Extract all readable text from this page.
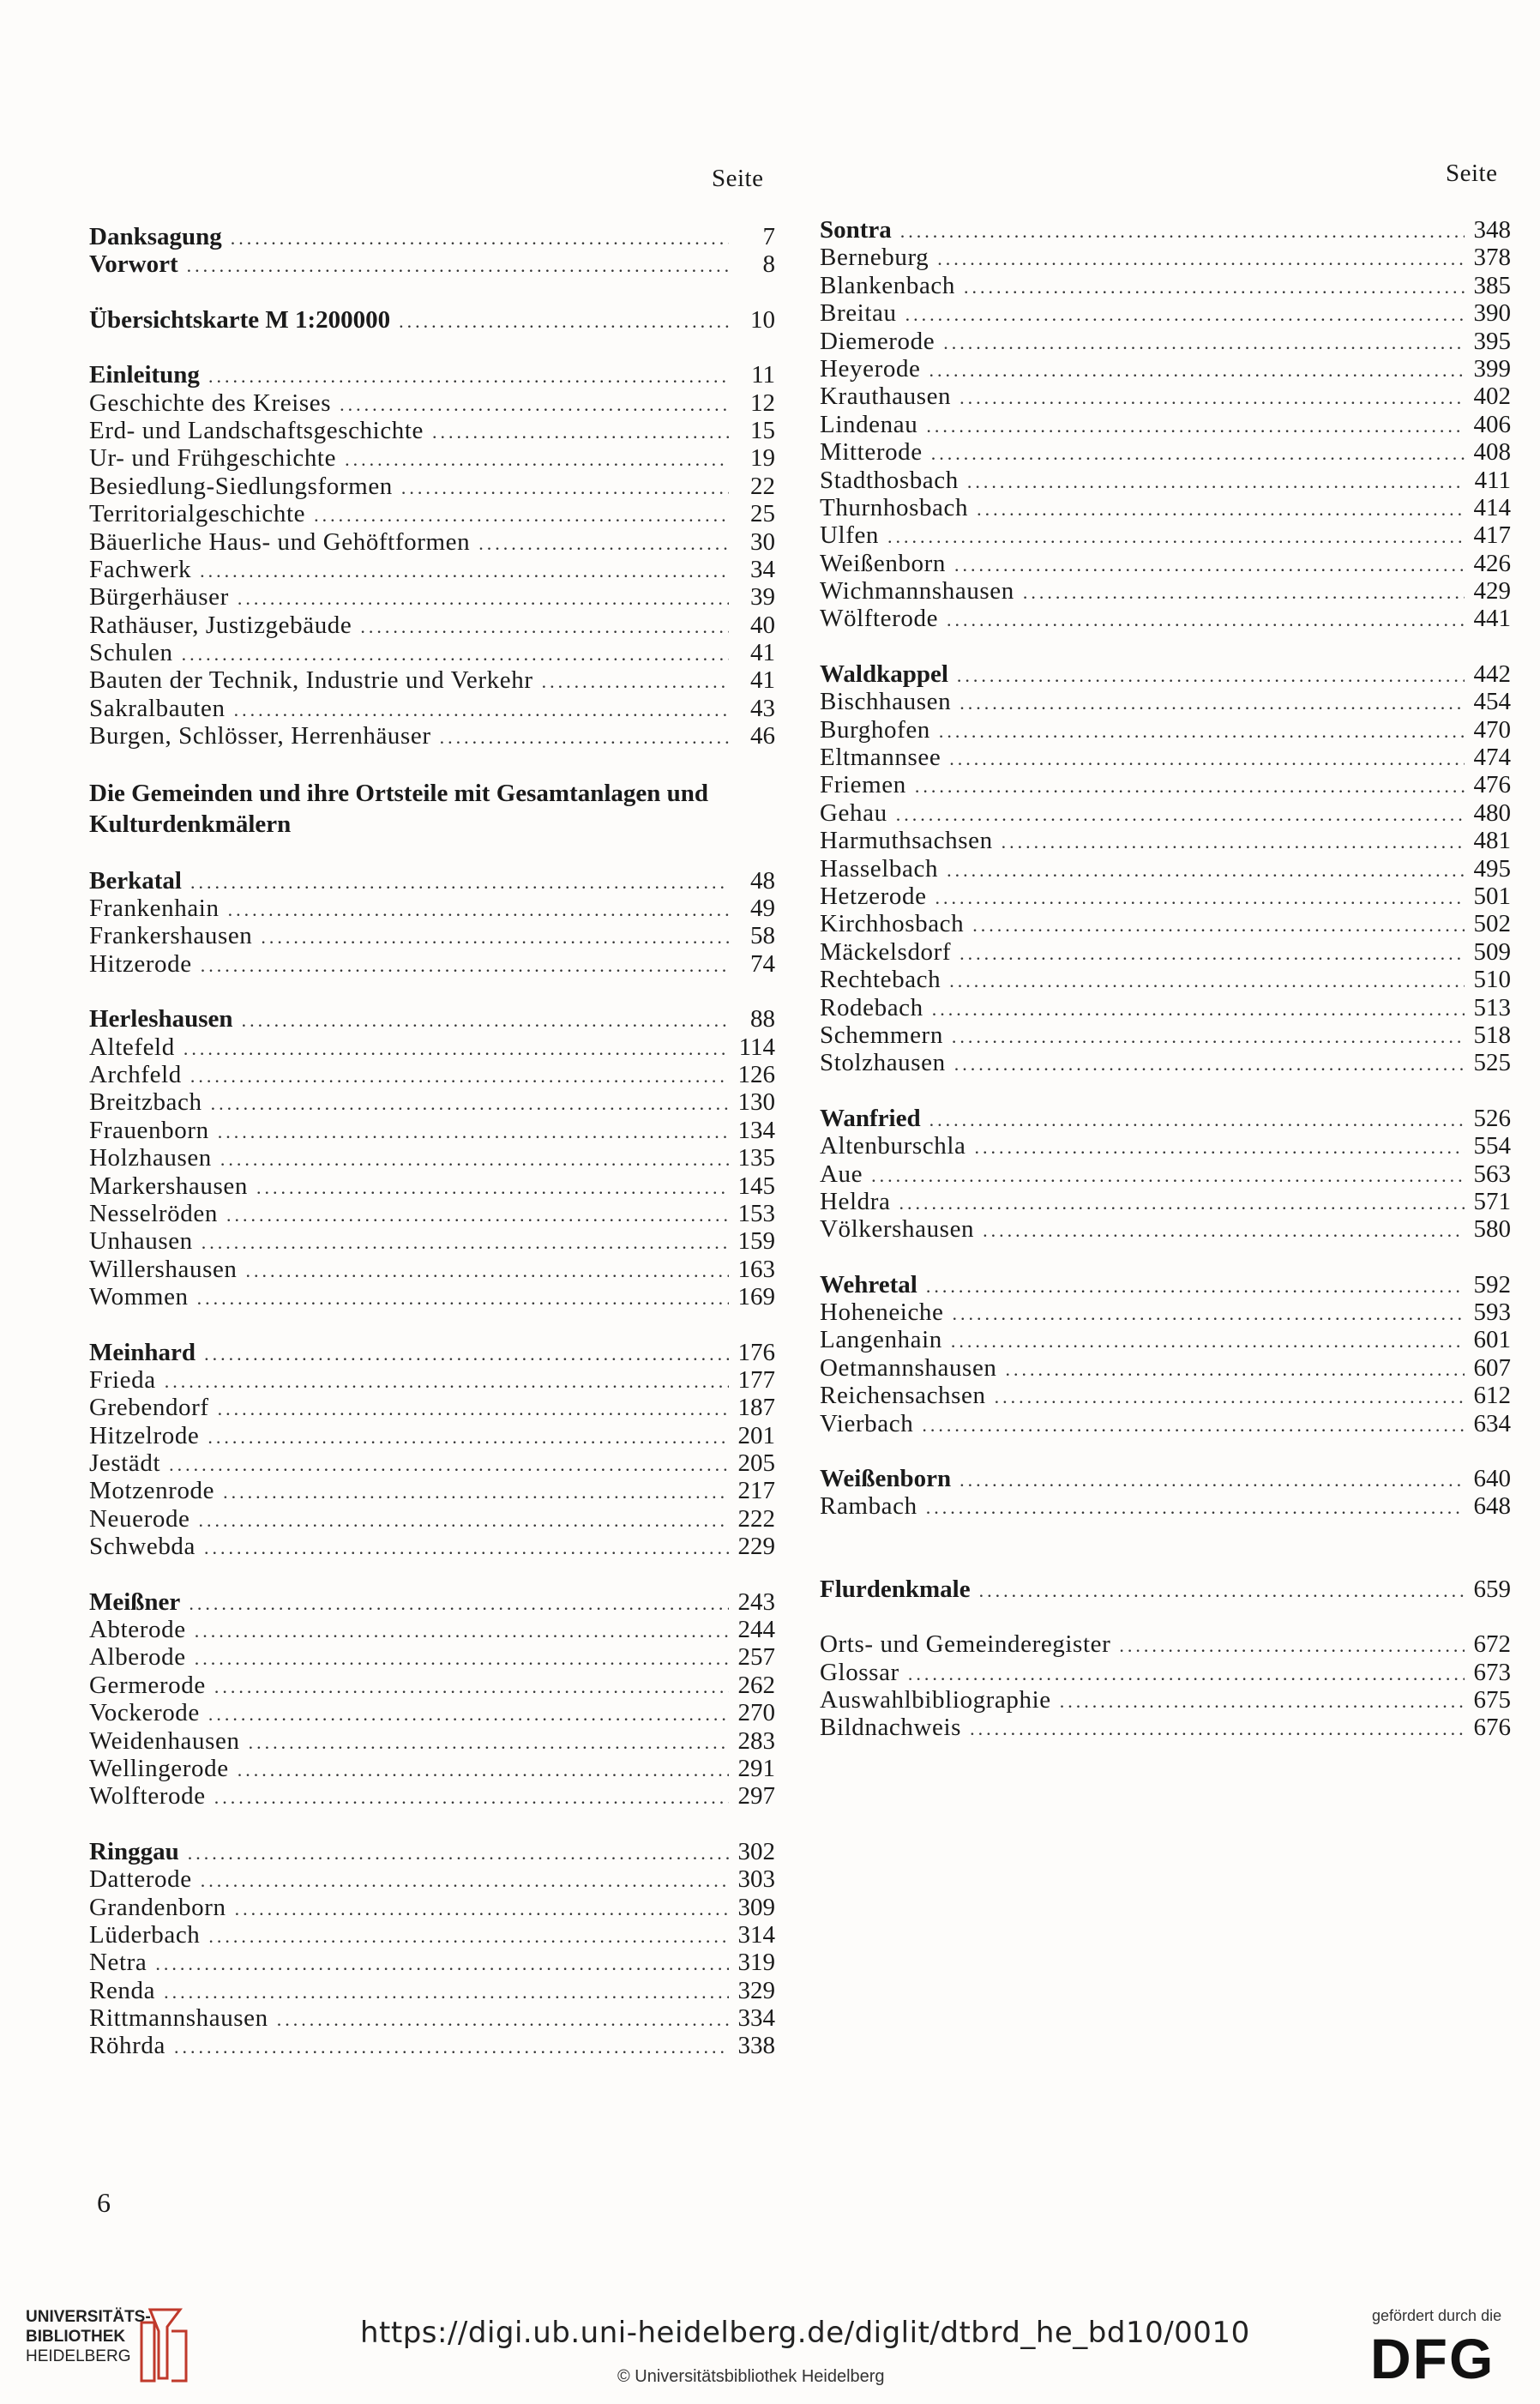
Seite
Danksagung .....	7
Vorwort .....	8
Übersichtskarte M 1:200000 .....	10
Einleitung .....	11
Geschichte des Kreises .....	12
Erd- und Landschaftsgeschichte .....	15
Ur- und Frühgeschichte .....	19
Besiedlung-Siedlungsformen .....	22
Territorialgeschichte .....	25
Bäuerliche Haus- und Gehöftformen .....	30
Fachwerk .....	34
Bürgerhäuser .....	39
Rathäuser, Justizgebäude .....	40
Schulen .....	41
Bauten der Technik, Industrie und Verkehr .....	41
Sakralbauten .....	43
Burgen, Schlösser, Herrenhäuser .....	46

Die Gemeinden und ihre Ortsteile mit Gesamtanlagen und Kulturdenkmälern

Berkatal .....	48
Frankenhain .....	49
Frankershausen .....	58
Hitzerode .....	74
Herleshausen .....	88
Altefeld .....	114
Archfeld .....	126
Breitzbach .....	130
Frauenborn .....	134
Holzhausen .....	135
Markershausen .....	145
Nesselröden .....	153
Unhausen .....	159
Willershausen .....	163
Wommen .....	169
Meinhard .....	176
Frieda .....	177
Grebendorf .....	187
Hitzelrode .....	201
Jestädt .....	205
Motzenrode .....	217
Neuerode .....	222
Schwebda .....	229
Meißner .....	243
Abterode .....	244
Alberode .....	257
Germerode .....	262
Vockerode .....	270
Weidenhausen .....	283
Wellingerode .....	291
Wolfterode .....	297
Ringgau .....	302
Datterode .....	303
Grandenborn .....	309
Lüderbach .....	314
Netra .....	319
Renda .....	329
Rittmannshausen .....	334
Röhrda .....	338
Seite
Sontra .....	348
Berneburg .....	378
Blankenbach .....	385
Breitau .....	390
Diemerode .....	395
Heyerode .....	399
Krauthausen .....	402
Lindenau .....	406
Mitterode .....	408
Stadthosbach .....	411
Thurnhosbach .....	414
Ulfen .....	417
Weißenborn .....	426
Wichmannshausen .....	429
Wölfterode .....	441
Waldkappel .....	442
Bischhausen .....	454
Burghofen .....	470
Eltmannsee .....	474
Friemen .....	476
Gehau .....	480
Harmuthsachsen .....	481
Hasselbach .....	495
Hetzerode .....	501
Kirchhosbach .....	502
Mäckelsdorf .....	509
Rechtebach .....	510
Rodebach .....	513
Schemmern .....	518
Stolzhausen .....	525
Wanfried .....	526
Altenburschla .....	554
Aue .....	563
Heldra .....	571
Völkershausen .....	580
Wehretal .....	592
Hoheneiche .....	593
Langenhain .....	601
Oetmannshausen .....	607
Reichensachsen .....	612
Vierbach .....	634
Weißenborn .....	640
Rambach .....	648
Flurdenkmale .....	659
Orts- und Gemeinderegister .....	672
Glossar .....	673
Auswahlbibliographie .....	675
Bildnachweis .....	676
6
UNIVERSITÄTS-
BIBLIOTHEK
HEIDELBERG
https://digi.ub.uni-heidelberg.de/diglit/dtbrd_he_bd10/0010
© Universitätsbibliothek Heidelberg
gefördert durch die
DFG
